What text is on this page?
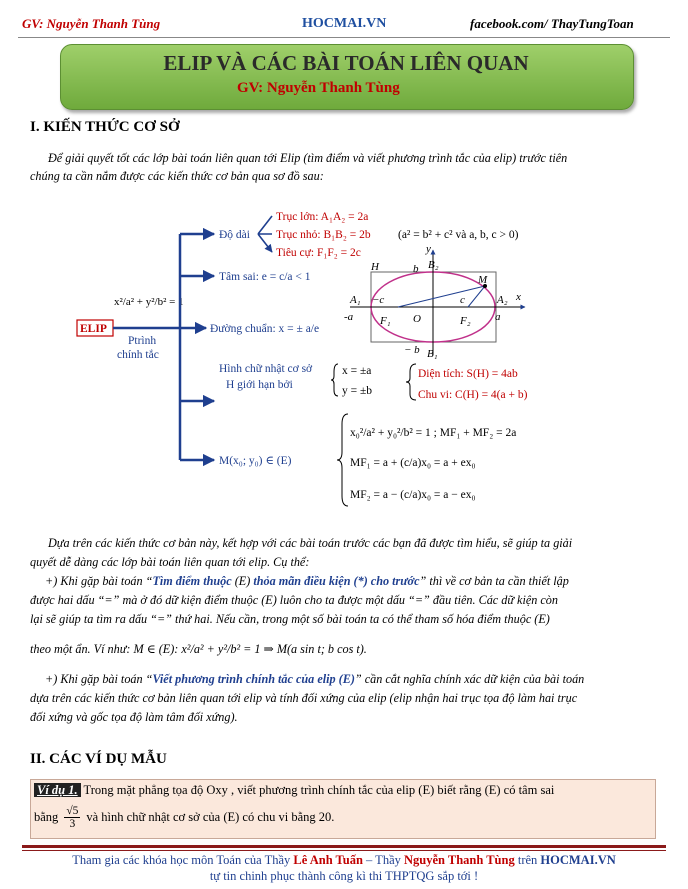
GV: Nguyễn Thanh Tùng	HOCMAI.VN	facebook.com/ ThayTungToan
ELIP VÀ CÁC BÀI TOÁN LIÊN QUAN
GV: Nguyễn Thanh Tùng
I. KIẾN THỨC CƠ SỞ
Để giải quyết tốt các lớp bài toán liên quan tới Elip (tìm điểm và viết phương trình tắc của elip) trước tiên
chúng ta cần nắm được các kiến thức cơ bản qua sơ đồ sau:
ELIP
x²/a² + y²/b² = 1
Ptrình
chính tắc
Độ dài
Trục lớn: A₁A₂ = 2a
Trục nhỏ: B₁B₂ = 2b
Tiêu cự: F₁F₂ = 2c
(a² = b² + c² và a, b, c > 0)
Tâm sai: e = c/a < 1
Đường chuẩn: x = ± a/e
Hình chữ nhật cơ sở
H giới hạn bởi
x = ±a
y = ±b
Diện tích: S(H) = 4ab
Chu vi: C(H) = 4(a + b)
M(x₀; y₀) ∈ (E)
x₀²/a² + y₀²/b² = 1 ; MF₁ + MF₂ = 2a
MF₁ = a + (c/a)x₀ = a + ex₀
MF₂ = a − (c/a)x₀ = a − ex₀
y
x
H	b B₂
M
A₁	A₂
−c	c
-a	a
F₁ O	F₂
− b B₁
Dựa trên các kiến thức cơ bản này, kết hợp với các bài toán trước các bạn đã được tìm hiểu, sẽ giúp ta giải
quyết dễ dàng các lớp bài toán liên quan tới elip. Cụ thể:
+) Khi gặp bài toán “Tìm điểm thuộc (E) thỏa mãn điều kiện (*) cho trước” thì về cơ bản ta cần thiết lập
được hai dấu “=” mà ở đó dữ kiện điểm thuộc (E) luôn cho ta được một dấu “=” đầu tiên. Các dữ kiện còn
lại sẽ giúp ta tìm ra dấu “=” thứ hai. Nếu cần, trong một số bài toán ta có thể tham số hóa điểm thuộc (E)
theo một ẩn. Ví như: M ∈ (E): x²/a² + y²/b² = 1 ⇒ M(a sin t; b cos t).
+) Khi gặp bài toán “Viết phương trình chính tắc của elip (E)” cần cắt nghĩa chính xác dữ kiện của bài toán
dựa trên các kiến thức cơ bản liên quan tới elip và tính đối xứng của elip (elip nhận hai trục tọa độ làm hai trục
đối xứng và gốc tọa độ làm tâm đối xứng).
II. CÁC VÍ DỤ MẪU
Ví dụ 1. Trong mặt phẳng tọa độ Oxy , viết phương trình chính tắc của elip (E) biết rằng (E) có tâm sai
bằng $\frac{√5}{3}$ và hình chữ nhật cơ sở của (E) có chu vi bằng 20.
Tham gia các khóa học môn Toán của Thầy Lê Anh Tuấn – Thầy Nguyễn Thanh Tùng trên HOCMAI.VN
tự tin chinh phục thành công kì thi THPTQG sắp tới !
